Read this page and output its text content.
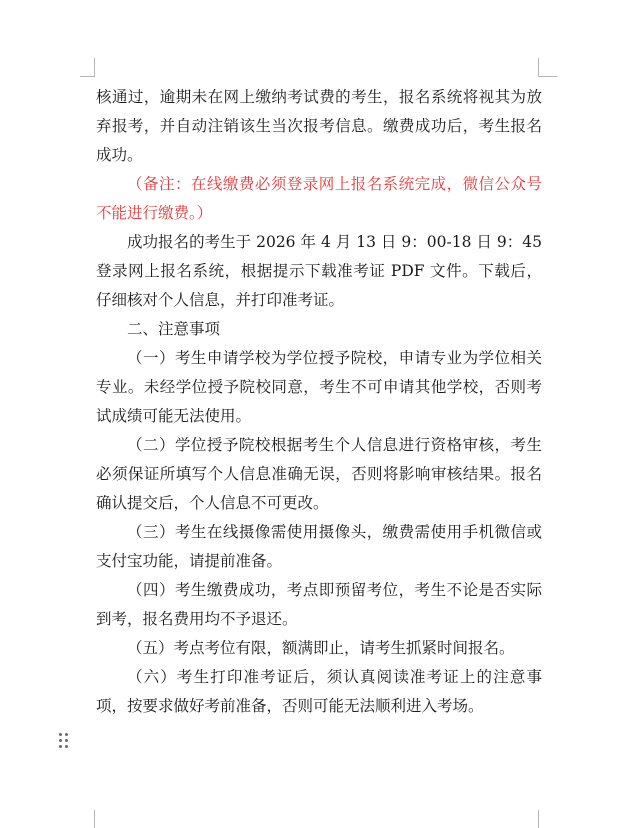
核通过，逾期未在网上缴纳考试费的考生，报名系统将视其为放弃报考，并自动注销该生当次报考信息。缴费成功后，考生报名成功。

（备注：在线缴费必须登录网上报名系统完成，微信公众号不能进行缴费。）

成功报名的考生于 2026 年 4 月 13 日 9：00-18 日 9：45 登录网上报名系统，根据提示下载准考证 PDF 文件。下载后，仔细核对个人信息，并打印准考证。

二、注意事项

（一）考生申请学校为学位授予院校，申请专业为学位相关专业。未经学位授予院校同意，考生不可申请其他学校，否则考试成绩可能无法使用。

（二）学位授予院校根据考生个人信息进行资格审核，考生必须保证所填写个人信息准确无误，否则将影响审核结果。报名确认提交后，个人信息不可更改。

（三）考生在线摄像需使用摄像头，缴费需使用手机微信或支付宝功能，请提前准备。

（四）考生缴费成功，考点即预留考位，考生不论是否实际到考，报名费用均不予退还。

（五）考点考位有限，额满即止，请考生抓紧时间报名。

（六）考生打印准考证后，须认真阅读准考证上的注意事项，按要求做好考前准备，否则可能无法顺利进入考场。
